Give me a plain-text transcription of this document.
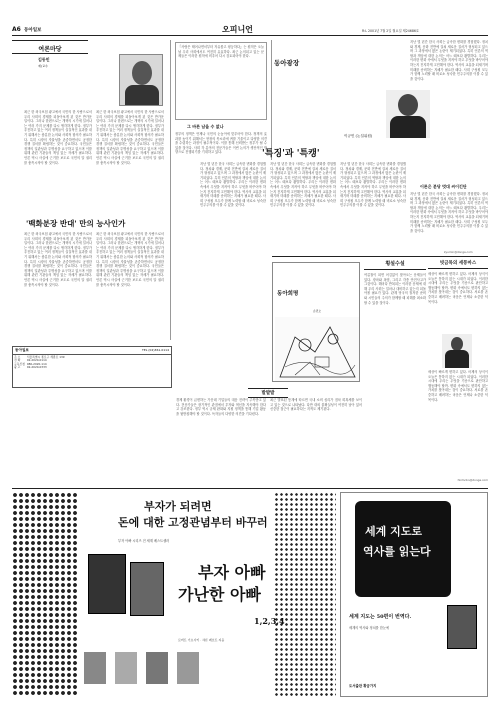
A6 동아일보	오피니언	R:L 2001년 7월 2일 월요일 제24686호
여론마당
김동민
예)교수
최근 한 외국보험 광고에서 국민의 한 사람으로서 우리 사회의 경제를 되돌아보게 된 것은 반가운 일이다. 그러나 한편으로는 개혁의 시기에 일어나는 여러 가지 문제를 다시 생각하게 한다. 정부가 추진하고 있는 여러 정책들이 실질적인 효과를 내기 위해서는 충분한 논의와 사회적 합의가 필요하다. 특히 시장의 자율성을 존중하면서도 공정한 경쟁 질서를 확립하는 것이 중요하다. 국민들은 정책의 일관성과 투명성을 요구하고 있으며 이를 위해 관련 기관들의 책임 있는 자세가 필요하다. 언론 역시 사실에 근거한 보도로 국민의 알 권리를 충족시켜야 할 것이다.
최근 한 외국보험 광고에서 국민의 한 사람으로서 우리 사회의 경제를 되돌아보게 된 것은 반가운 일이다. 그러나 한편으로는 개혁의 시기에 일어나는 여러 가지 문제를 다시 생각하게 한다. 정부가 추진하고 있는 여러 정책들이 실질적인 효과를 내기 위해서는 충분한 논의와 사회적 합의가 필요하다. 특히 시장의 자율성을 존중하면서도 공정한 경쟁 질서를 확립하는 것이 중요하다. 국민들은 정책의 일관성과 투명성을 요구하고 있으며 이를 위해 관련 기관들의 책임 있는 자세가 필요하다. 언론 역시 사실에 근거한 보도로 국민의 알 권리를 충족시켜야 할 것이다.
'백화분장 반대' 만의 능사인가
최근 한 외국보험 광고에서 국민의 한 사람으로서 우리 사회의 경제를 되돌아보게 된 것은 반가운 일이다. 그러나 한편으로는 개혁의 시기에 일어나는 여러 가지 문제를 다시 생각하게 한다. 정부가 추진하고 있는 여러 정책들이 실질적인 효과를 내기 위해서는 충분한 논의와 사회적 합의가 필요하다. 특히 시장의 자율성을 존중하면서도 공정한 경쟁 질서를 확립하는 것이 중요하다. 국민들은 정책의 일관성과 투명성을 요구하고 있으며 이를 위해 관련 기관들의 책임 있는 자세가 필요하다. 언론 역시 사실에 근거한 보도로 국민의 알 권리를 충족시켜야 할 것이다.
최근 한 외국보험 광고에서 국민의 한 사람으로서 우리 사회의 경제를 되돌아보게 된 것은 반가운 일이다. 그러나 한편으로는 개혁의 시기에 일어나는 여러 가지 문제를 다시 생각하게 한다. 정부가 추진하고 있는 여러 정책들이 실질적인 효과를 내기 위해서는 충분한 논의와 사회적 합의가 필요하다. 특히 시장의 자율성을 존중하면서도 공정한 경쟁 질서를 확립하는 것이 중요하다. 국민들은 정책의 일관성과 투명성을 요구하고 있으며 이를 위해 관련 기관들의 책임 있는 자세가 필요하다. 언론 역시 사실에 근거한 보도로 국민의 알 권리를 충족시켜야 할 것이다.
『사람은 태어나면서부터 자유롭고 평등하다』는 원칙은 오늘날 우리 사회에서도 여전히 유효하다. 최근 논의되고 있는 문제들은 이러한 원칙에 비추어 다시 검토되어야 한다.
그 바른 남을 수 없나
정부의 정책은 언제나 국민의 눈높이에 맞추어야 한다. 정책의 효과를 높이기 위해서는 현장의 목소리에 귀를 기울이고 다양한 의견을 수렴하는 과정이 필수적이다. 이를 통해 신뢰받는 정부가 될 수 있을 것이다. 사회 각 분야의 전문가들은 이번 논의가 생산적인 방향으로 진행되기를 기대하고 있다.
동아광장
이규민 (논설위원)
'특징'과 '특캥'
지난 몇 년간 한국 사회는 급속한 변화를 경험했다. 정치와 경제, 문화 전반에 걸쳐 새로운 질서가 형성되고 있으며 그 과정에서 많은 논란이 제기되었다. 특히 언론의 역할과 책임에 대한 논의는 어느 때보다 활발하다. 우리는 이러한 변화 속에서 무엇을 지켜야 하고 무엇을 바꾸어야 하는지 진지하게 고민해야 한다. 역사의 교훈을 되새기며 미래를 준비하는 지혜가 필요한 때다. 사회 구성원 모두가 함께 노력할 때 비로소 성숙한 민주주의를 이룰 수 있을 것이다.
지난 몇 년간 한국 사회는 급속한 변화를 경험했다. 정치와 경제, 문화 전반에 걸쳐 새로운 질서가 형성되고 있으며 그 과정에서 많은 논란이 제기되었다. 특히 언론의 역할과 책임에 대한 논의는 어느 때보다 활발하다. 우리는 이러한 변화 속에서 무엇을 지켜야 하고 무엇을 바꾸어야 하는지 진지하게 고민해야 한다. 역사의 교훈을 되새기며 미래를 준비하는 지혜가 필요한 때다. 사회 구성원 모두가 함께 노력할 때 비로소 성숙한 민주주의를 이룰 수 있을 것이다.
지난 몇 년간 한국 사회는 급속한 변화를 경험했다. 정치와 경제, 문화 전반에 걸쳐 새로운 질서가 형성되고 있으며 그 과정에서 많은 논란이 제기되었다. 특히 언론의 역할과 책임에 대한 논의는 어느 때보다 활발하다. 우리는 이러한 변화 속에서 무엇을 지켜야 하고 무엇을 바꾸어야 하는지 진지하게 고민해야 한다. 역사의 교훈을 되새기며 미래를 준비하는 지혜가 필요한 때다. 사회 구성원 모두가 함께 노력할 때 비로소 성숙한 민주주의를 이룰 수 있을 것이다.
지난 몇 년간 한국 사회는 급속한 변화를 경험했다. 정치와 경제, 문화 전반에 걸쳐 새로운 질서가 형성되고 있으며 그 과정에서 많은 논란이 제기되었다. 특히 언론의 역할과 책임에 대한 논의는 어느 때보다 활발하다. 우리는 이러한 변화 속에서 무엇을 지켜야 하고 무엇을 바꾸어야 하는지 진지하게 고민해야 한다. 역사의 교훈을 되새기며 미래를 준비하는 지혜가 필요한 때다. 사회 구성원 모두가 함께 노력할 때 비로소 성숙한 민주주의를 이룰 수 있을 것이다.
이론은 분당 멋대 씨이긴단
지난 몇 년간 한국 사회는 급속한 변화를 경험했다. 정치와 경제, 문화 전반에 걸쳐 새로운 질서가 형성되고 있으며 그 과정에서 많은 논란이 제기되었다. 특히 언론의 역할과 책임에 대한 논의는 어느 때보다 활발하다. 우리는 이러한 변화 속에서 무엇을 지켜야 하고 무엇을 바꾸어야 하는지 진지하게 고민해야 한다. 역사의 교훈을 되새기며 미래를 준비하는 지혜가 필요한 때다. 사회 구성원 모두가 함께 노력할 때 비로소 성숙한 민주주의를 이룰 수 있을 것이다.
kyumin@donga.com
동아희명
손민오
횡설수설
여름철이 되면 어김없이 찾아오는 문제들이 있다. 장마와 폭염, 그리고 각종 안전사고가 그것이다. 해마다 반복되는 이러한 문제에 대해 우리 사회는 얼마나 대비하고 있는지 되돌아볼 필요가 있다. 관계 당국의 철저한 준비와 시민들의 주의가 함께할 때 피해를 최소화할 수 있을 것이다.
빗금목의 세풍마스
세상이 빠르게 변하고 있다. 어제의 상식이 오늘은 통하지 않는 시대가 되었다. 이러한 시대에 우리는 무엇을 기준으로 판단하고 행동해야 할까. 변화 속에서도 변하지 않는 가치를 찾아내는 것이 중요하다. 서로를 존중하고 배려하는 마음은 언제나 소중한 덕목이다.
세상이 빠르게 변하고 있다. 어제의 상식이 오늘은 통하지 않는 시대가 되었다. 이러한 시대에 우리는 무엇을 기준으로 판단하고 행동해야 할까. 변화 속에서도 변하지 않는 가치를 찾아내는 것이 중요하다. 서로를 존중하고 배려하는 마음은 언제나 소중한 덕목이다.
hkimcbn@donga.com
동아일보	TEL (02)361-0114
주 소	서울특별시 종로구 세종로 139
전 화	02-2020-0114
구독신청	080-2020-114
광 고	02-2020-0333
발발발
경제 환경이 급변하는 가운데 기업들의 대응 전략이 주목받고 있다. 전문가들은 장기적인 관점에서 투자와 혁신을 지속해야 한다고 강조한다. 정부 역시 규제 완화와 지원 정책을 통해 기업 활동을 뒷받침해야 할 것이다. 독자들의 다양한 의견을 기다린다.
최근 발표된 통계에 따르면 국내 소비 심리가 점차 회복세를 보이고 있는 것으로 나타났다. 다만 대외 불확실성이 여전히 남아 있어 신중한 접근이 필요하다는 지적도 제기된다.
부자가 되려면
돈에 대한 고정관념부터 바꾸러
부자 아빠 시리즈 전 세계 베스트셀러
부자 아빠
가난한 아빠
1,2,3,4
로버트 기요사키 · 샤론 레흐트 지음

세계 지도로
역사를 읽는다
세계 지도는 50편이 번역다.
세계의 역사와 정치를 한눈에
도서출판 황금가지
